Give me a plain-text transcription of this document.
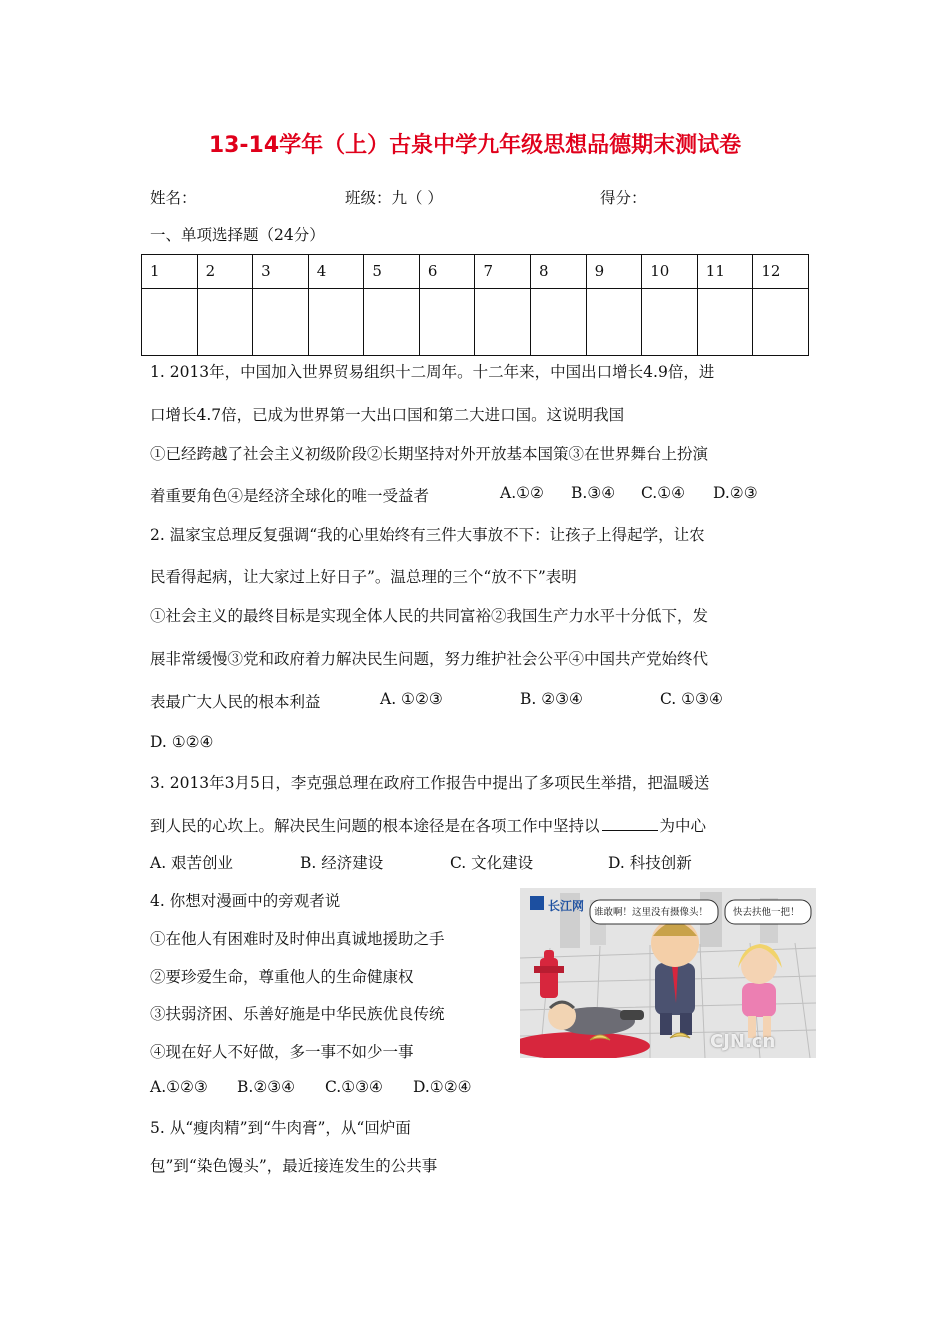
13-14学年（上）古泉中学九年级思想品德期末测试卷
姓名：	班级：九（ ）	得分：
一、单项选择题（24分）
1	2	3	4	5	6	7	8	9	10	11	12

1. 2013年，中国加入世界贸易组织十二周年。十二年来，中国出口增长4.9倍，进
口增长4.7倍，已成为世界第一大出口国和第二大进口国。这说明我国
①已经跨越了社会主义初级阶段②长期坚持对外开放基本国策③在世界舞台上扮演
着重要角色④是经济全球化的唯一受益者	A.①② B.③④ C.①④ D.②③
2. 温家宝总理反复强调“我的心里始终有三件大事放不下：让孩子上得起学，让农
民看得起病，让大家过上好日子”。温总理的三个“放不下”表明
①社会主义的最终目标是实现全体人民的共同富裕②我国生产力水平十分低下，发
展非常缓慢③党和政府着力解决民生问题，努力维护社会公平④中国共产党始终代
表最广大人民的根本利益	A. ①②③	B. ②③④	C. ①③④
D. ①②④
3. 2013年3月5日，李克强总理在政府工作报告中提出了多项民生举措，把温暖送
到人民的心坎上。解决民生问题的根本途径是在各项工作中坚持以	为中心
A. 艰苦创业	B. 经济建设	C. 文化建设	D. 科技创新
4. 你想对漫画中的旁观者说
①在他人有困难时及时伸出真诚地援助之手
②要珍爱生命，尊重他人的生命健康权
③扶弱济困、乐善好施是中华民族优良传统
④现在好人不好做，多一事不如少一事
A.①②③ B.②③④ C.①③④ D.①②④
长江网 谁敢啊！这里没有摄像头！	快去扶他一把！
CJN.cn
5. 从“瘦肉精”到“牛肉膏”，从“回炉面
包”到“染色馒头”，最近接连发生的公共事
